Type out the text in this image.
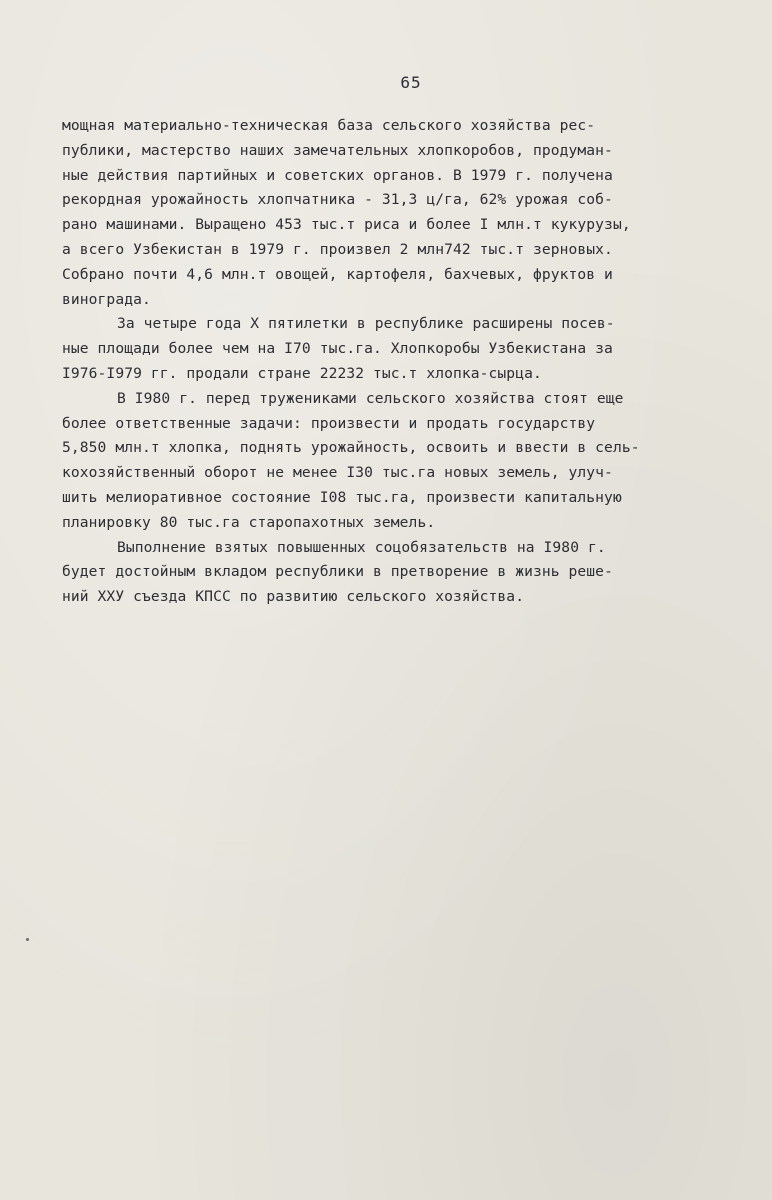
65

мощная материально-техническая база сельского хозяйства рес-
публики, мастерство наших замечательных хлопкоробов, продуман-
ные действия партийных и советских органов. В 1979 г. получена
рекордная урожайность хлопчатника - 31,3 ц/га, 62% урожая соб-
рано машинами. Выращено 453 тыс.т риса и более I млн.т кукурузы,
а всего Узбекистан в 1979 г. произвел 2 млн742 тыс.т зерновых.
Собрано почти 4,6 млн.т овощей, картофеля, бахчевых, фруктов и
винограда.

За четыре года X пятилетки в республике расширены посев-
ные площади более чем на I70 тыс.га. Хлопкоробы Узбекистана за
I976-I979 гг. продали стране 22232 тыс.т хлопка-сырца.

В I980 г. перед тружениками сельского хозяйства стоят еще
более ответственные задачи: произвести и продать государству
5,850 млн.т хлопка, поднять урожайность, освоить и ввести в сель-
кохозяйственный оборот не менее I30 тыс.га новых земель, улуч-
шить мелиоративное состояние I08 тыс.га, произвести капитальную
планировку 80 тыс.га старопахотных земель.

Выполнение взятых повышенных соцобязательств на I980 г.
будет достойным вкладом республики в претворение в жизнь реше-
ний XXУ съезда КПСС по развитию сельского хозяйства.
